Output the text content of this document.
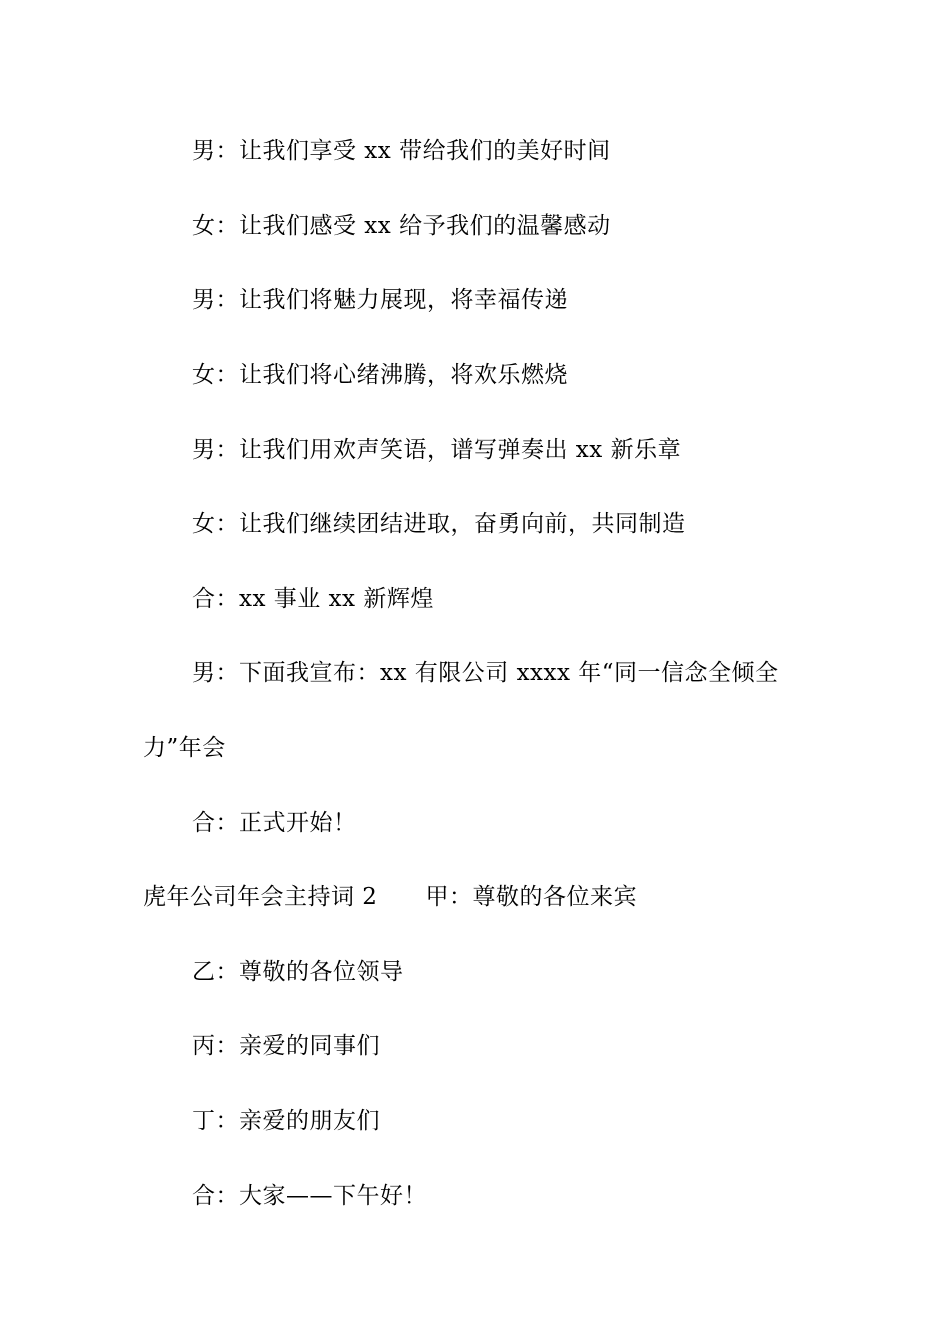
男：让我们享受 xx 带给我们的美好时间
女：让我们感受 xx 给予我们的温馨感动
男：让我们将魅力展现，将幸福传递
女：让我们将心绪沸腾，将欢乐燃烧
男：让我们用欢声笑语，谱写弹奏出 xx 新乐章
女：让我们继续团结进取，奋勇向前，共同制造
合：xx 事业 xx 新辉煌
男：下面我宣布：xx 有限公司 xxxx 年“同一信念全倾全
力”年会
合：正式开始！
虎年公司年会主持词 2 甲：尊敬的各位来宾
乙：尊敬的各位领导
丙：亲爱的同事们
丁：亲爱的朋友们
合：大家——下午好！
